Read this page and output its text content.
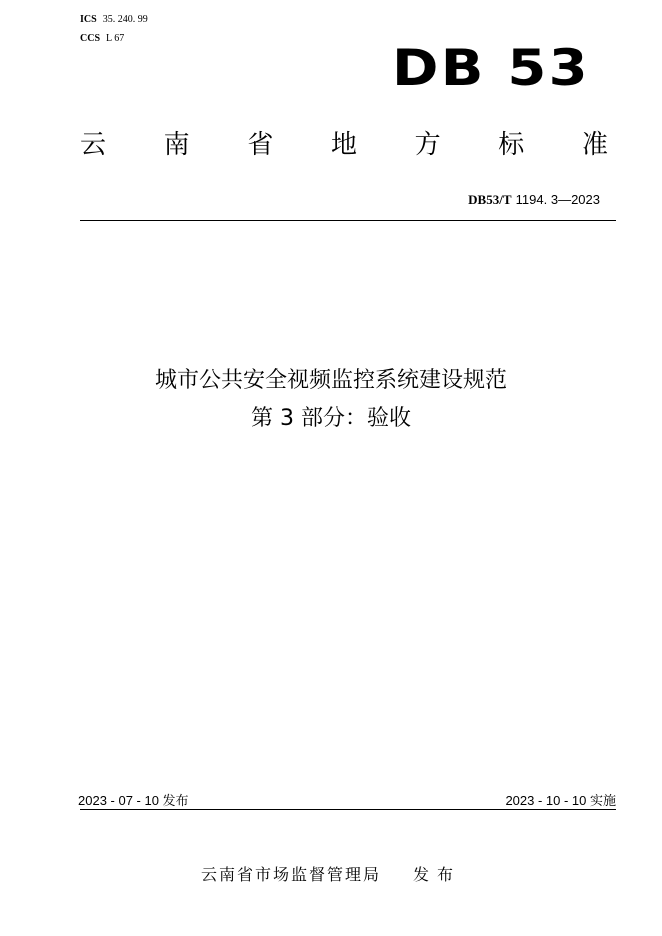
ICS 35. 240. 99
CCS L 67
DB 53
云 南 省 地 方 标 准
DB53/T 1194. 3—2023
城市公共安全视频监控系统建设规范
第 3 部分：验收
2023 - 07 - 10 发布	2023 - 10 - 10 实施
云南省市场监督管理局 发布
